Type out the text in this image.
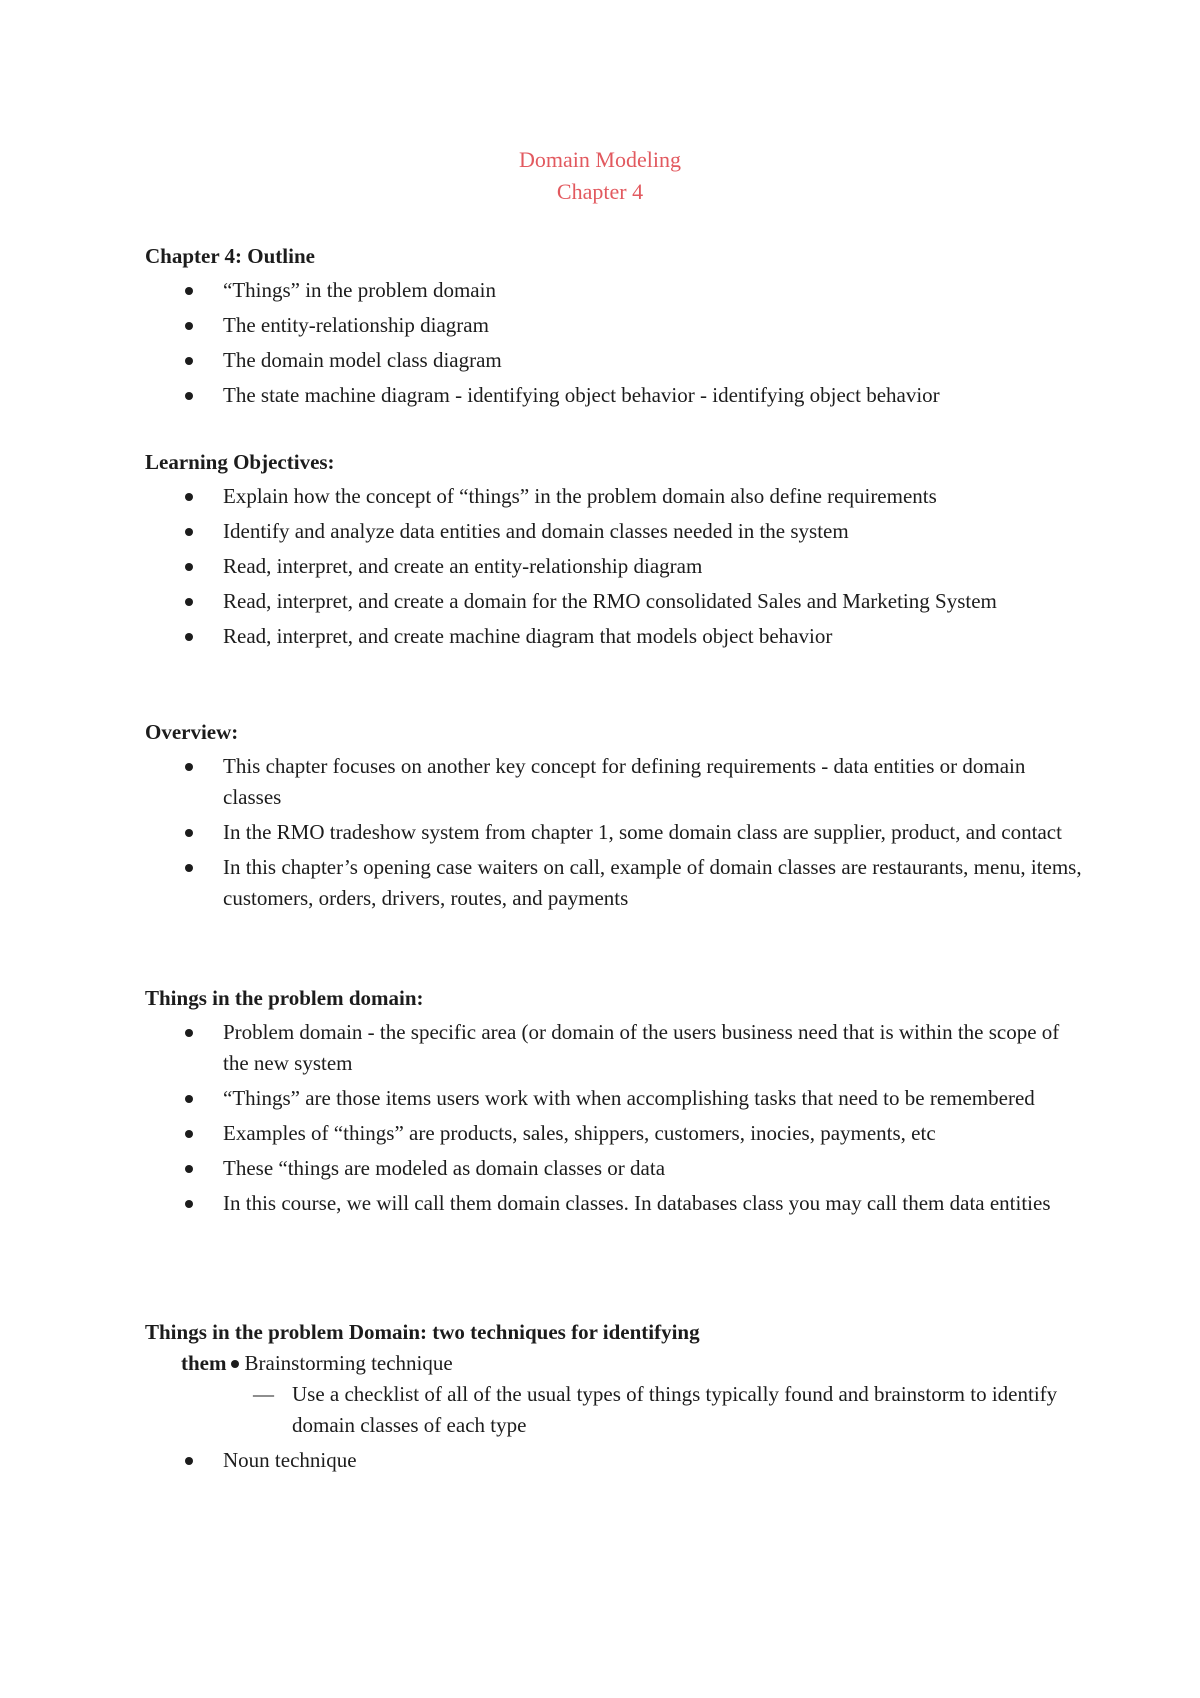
Domain Modeling
Chapter 4
Chapter 4: Outline
“Things” in the problem domain
The entity-relationship diagram
The domain model class diagram
The state machine diagram - identifying object behavior - identifying object behavior
Learning Objectives:
Explain how the concept of “things” in the problem domain also define requirements
Identify and analyze data entities and domain classes needed in the system
Read, interpret, and create an entity-relationship diagram
Read, interpret, and create a domain for the RMO consolidated Sales and Marketing System
Read, interpret, and create machine diagram that models object behavior
Overview:
This chapter focuses on another key concept for defining requirements - data entities or domain classes
In the RMO tradeshow system from chapter 1, some domain class are supplier, product, and contact
In this chapter’s opening case waiters on call, example of domain classes are restaurants, menu, items, customers, orders, drivers, routes, and payments
Things in the problem domain:
Problem domain - the specific area (or domain of the users business need that is within the scope of the new system
“Things” are those items users work with when accomplishing tasks that need to be remembered
Examples of “things” are products, sales, shippers, customers, inocies, payments, etc
These “things are modeled as domain classes or data
In this course, we will call them domain classes. In databases class you may call them data entities
Things in the problem Domain: two techniques for identifying
them Brainstorming technique
— Use a checklist of all of the usual types of things typically found and brainstorm to identify domain classes of each type
Noun technique
